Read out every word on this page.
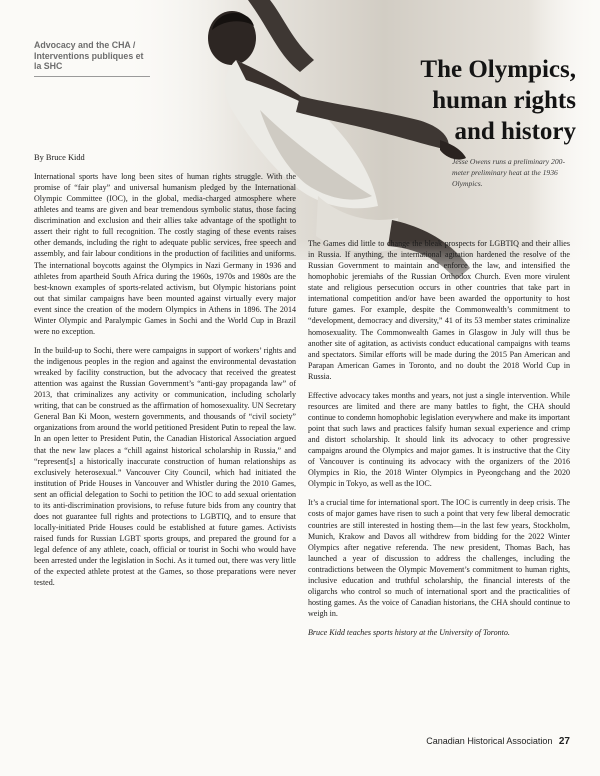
Advocacy and the CHA / Interventions publiques et la SHC	The Olympics,
human rights
and history
Jesse Owens runs a preliminary 200-meter preliminary heat at the 1936 Olympics.
By Bruce Kidd

International sports have long been sites of human rights struggle. With the promise of “fair play” and universal humanism pledged by the International Olympic Committee (IOC), in the global, media-charged atmosphere where athletes and teams are given and bear tremendous symbolic status, those facing discrimination and exclusion and their allies take advantage of the spotlight to assert their right to full recognition. The costly staging of these events raises other demands, including the right to adequate public services, free speech and assembly, and fair labour conditions in the production of facilities and uniforms. The international boycotts against the Olympics in Nazi Germany in 1936 and athletes from apartheid South Africa during the 1960s, 1970s and 1980s are the best-known examples of sports-related activism, but Olympic historians point out that similar campaigns have been mounted against virtually every major event since the creation of the modern Olympics in Athens in 1896. The 2014 Winter Olympic and Paralympic Games in Sochi and the World Cup in Brazil were no exception.

In the build-up to Sochi, there were campaigns in support of workers’ rights and the indigenous peoples in the region and against the environmental devastation wreaked by facility construction, but the advocacy that received the greatest attention was against the Russian Government’s “anti-gay propaganda law” of 2013, that criminalizes any activity or communication, including scholarly writing, that can be construed as the affirmation of homosexuality. UN Secretary General Ban Ki Moon, western governments, and thousands of “civil society” organizations from around the world petitioned President Putin to repeal the law. In an open letter to President Putin, the Canadian Historical Association argued that the new law places a “chill against historical scholarship in Russia,” and “represent[s] a historically inaccurate construction of human relationships as exclusively heterosexual.” Vancouver City Council, which had initiated the institution of Pride Houses in Vancouver and Whistler during the 2010 Games, sent an official delegation to Sochi to petition the IOC to add sexual orientation to its anti-discrimination provisions, to refuse future bids from any country that does not guarantee full rights and protections to LGBTIQ, and to ensure that locally-initiated Pride Houses could be established at future games. Activists raised funds for Russian LGBT sports groups, and prepared the ground for a legal defence of any athlete, coach, official or tourist in Sochi who would have been arrested under the legislation in Sochi. As it turned out, there was very little of the expected athlete protest at the Games, so those preparations were never tested.

The Games did little to change the bleak prospects for LGBTIQ and their allies in Russia. If anything, the international agitation hardened the resolve of the Russian Government to maintain and enforce the law, and intensified the homophobic jeremiahs of the Russian Orthodox Church. Even more virulent state and religious persecution occurs in other countries that take part in international competition and/or have been awarded the opportunity to host future games. For example, despite the Commonwealth’s commitment to “development, democracy and diversity,” 41 of its 53 member states criminalize homosexuality. The Commonwealth Games in Glasgow in July will thus be another site of agitation, as activists conduct educational campaigns with teams and spectators. Similar efforts will be made during the 2015 Pan American and Parapan American Games in Toronto, and no doubt the 2018 World Cup in Russia.

Effective advocacy takes months and years, not just a single intervention. While resources are limited and there are many battles to fight, the CHA should continue to condemn homophobic legislation everywhere and make its important point that such laws and practices falsify human sexual experience and crimp and distort scholarship. It should link its advocacy to other progressive campaigns around the Olympics and major games. It is instructive that the City of Vancouver is continuing its advocacy with the organizers of the 2016 Olympics in Rio, the 2018 Winter Olympics in Pyeongchang and the 2020 Olympic in Tokyo, as well as the IOC.

It’s a crucial time for international sport. The IOC is currently in deep crisis. The costs of major games have risen to such a point that very few liberal democratic countries are still interested in hosting them—in the last few years, Stockholm, Munich, Krakow and Davos all withdrew from bidding for the 2022 Winter Olympics after negative referenda. The new president, Thomas Bach, has launched a year of discussion to address the challenges, including the contradictions between the Olympic Movement’s commitment to human rights, inclusive education and truthful scholarship, the financial interests of the oligarchs who control so much of international sport and the practicalities of hosting games. As the voice of Canadian historians, the CHA should continue to weigh in.

Bruce Kidd teaches sports history at the University of Toronto.

Canadian Historical Association 27
